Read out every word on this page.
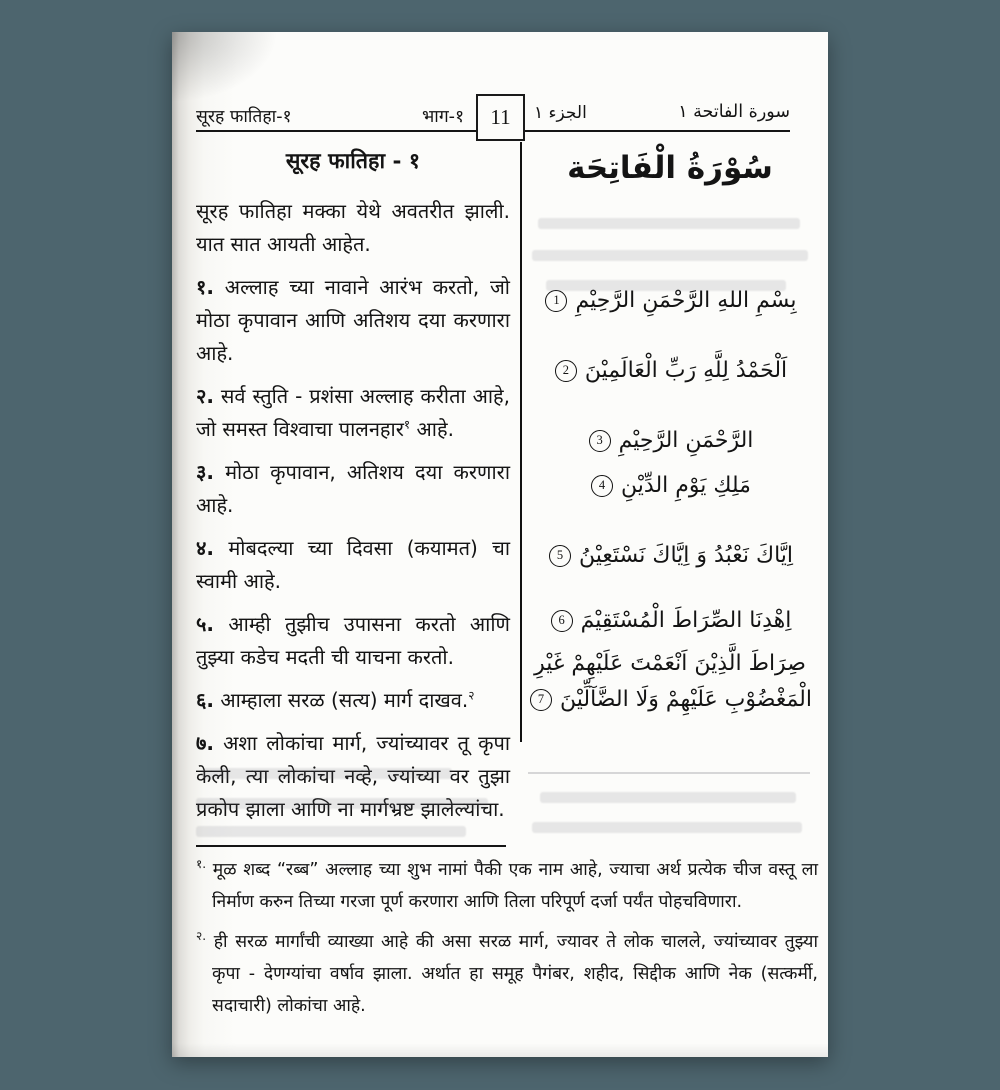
सूरह फातिहा-१	भाग-१ 11 الجزء ١	سورة الفاتحة ١
सूरह फातिहा - १

सूरह फातिहा मक्का येथे अवतरीत झाली. यात सात आयती आहेत.

१. अल्लाह च्या नावाने आरंभ करतो, जो मोठा कृपावान आणि अतिशय दया करणारा आहे.

२. सर्व स्तुति - प्रशंसा अल्लाह करीता आहे, जो समस्त विश्वाचा पालनहार$^१$ आहे.

३. मोठा कृपावान, अतिशय दया करणारा आहे.

४. मोबदल्या च्या दिवसा (कयामत) चा स्वामी आहे.

५. आम्ही तुझीच उपासना करतो आणि तुझ्या कडेच मदती ची याचना करतो.

६. आम्हाला सरळ (सत्य) मार्ग दाखव.$^२$

७. अशा लोकांचा मार्ग, ज्यांच्यावर तू कृपा केली, त्या लोकांचा नव्हे, ज्यांच्या वर तुझा प्रकोप झाला आणि ना मार्गभ्रष्ट झालेल्यांचा.

سُوْرَةُ الْفَاتِحَة
بِسْمِ اللهِ الرَّحْمَنِ الرَّحِيْمِ1
اَلْحَمْدُ لِلَّهِ رَبِّ الْعَالَمِيْنَ2
الرَّحْمَنِ الرَّحِيْمِ3
مَلِكِ يَوْمِ الدِّيْنِ4
اِيَّاكَ نَعْبُدُ وَ اِيَّاكَ نَسْتَعِيْنُ5
اِهْدِنَا الصِّرَاطَ الْمُسْتَقِيْمَ6
صِرَاطَ الَّذِيْنَ اَنْعَمْتَ عَلَيْهِمْ غَيْرِ الْمَغْضُوْبِ عَلَيْهِمْ وَلَا الضَّآلِّيْنَ7

$^{१.}$ मूळ शब्द “रब्ब” अल्लाह च्या शुभ नामां पैकी एक नाम आहे, ज्याचा अर्थ प्रत्येक चीज वस्तू ला निर्माण करुन तिच्या गरजा पूर्ण करणारा आणि तिला परिपूर्ण दर्जा पर्यंत पोहचविणारा.

$^{२.}$ ही सरळ मार्गांची व्याख्या आहे की असा सरळ मार्ग, ज्यावर ते लोक चालले, ज्यांच्यावर तुझ्या कृपा - देणग्यांचा वर्षाव झाला. अर्थात हा समूह पैगंबर, शहीद, सिद्दीक आणि नेक (सत्कर्मी, सदाचारी) लोकांचा आहे.
